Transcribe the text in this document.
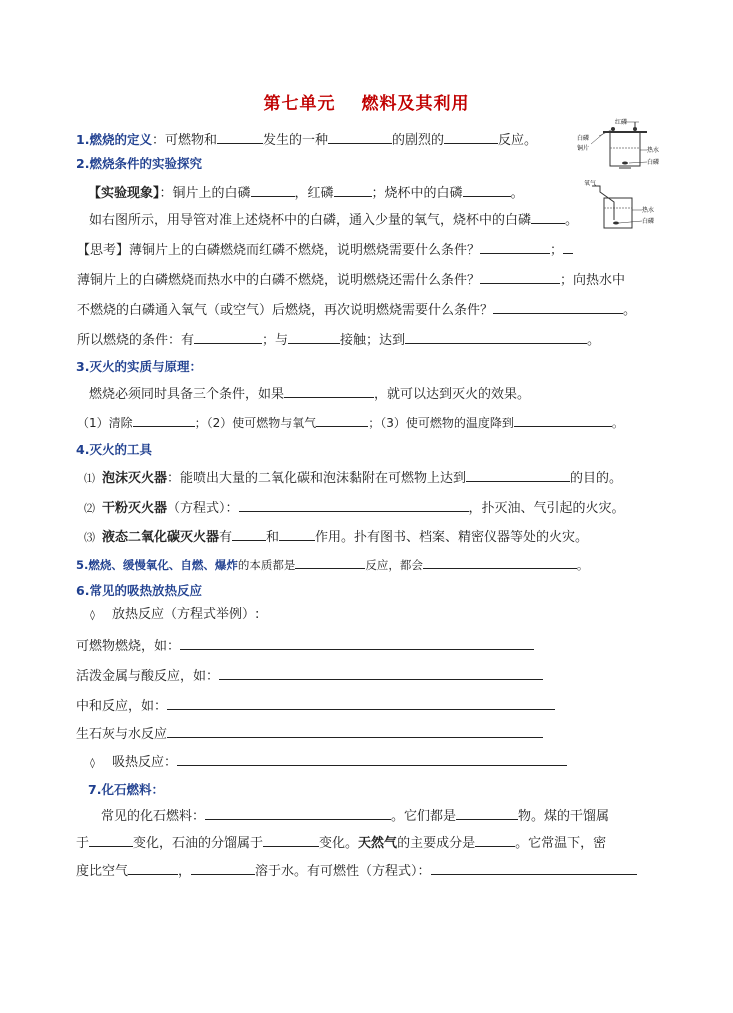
第七单元 燃料及其利用
1.燃烧的定义：可燃物和	发生的一种	的剧烈的	反应。
红磷
白磷
铜片	热水
白磷
氧气
热水
白磷
2.燃烧条件的实验探究
【实验现象】：铜片上的白磷	，红磷	；烧杯中的白磷	。
如右图所示，用导管对准上述烧杯中的白磷，通入少量的氧气，烧杯中的白磷	。
【思考】薄铜片上的白磷燃烧而红磷不燃烧，说明燃烧需要什么条件？	；
薄铜片上的白磷燃烧而热水中的白磷不燃烧，说明燃烧还需什么条件？	；向热水中
不燃烧的白磷通入氧气（或空气）后燃烧，再次说明燃烧需要什么条件？	。
所以燃烧的条件：有	；与	接触；达到	。
3.灭火的实质与原理：
燃烧必须同时具备三个条件，如果	，就可以达到灭火的效果。
（1）清除	；（2）使可燃物与氧气	；（3）使可燃物的温度降到	。
4.灭火的工具
⑴ 泡沫灭火器：能喷出大量的二氧化碳和泡沫黏附在可燃物上达到	的目的。
⑵ 干粉灭火器（方程式）：	，扑灭油、气引起的火灾。
⑶ 液态二氧化碳灭火器有	和	作用。扑有图书、档案、精密仪器等处的火灾。
5.燃烧、缓慢氧化、自燃、爆炸的本质都是	反应，都会	。
6.常见的吸热放热反应
◊ 放热反应（方程式举例）:
可燃物燃烧，如：
活泼金属与酸反应，如：
中和反应，如：
生石灰与水反应
◊ 吸热反应：
7.化石燃料：
常见的化石燃料：	。它们都是	物。煤的干馏属
于	变化，石油的分馏属于	变化。天然气的主要成分是	。它常温下，密
度比空气	，	溶于水。有可燃性（方程式）：
